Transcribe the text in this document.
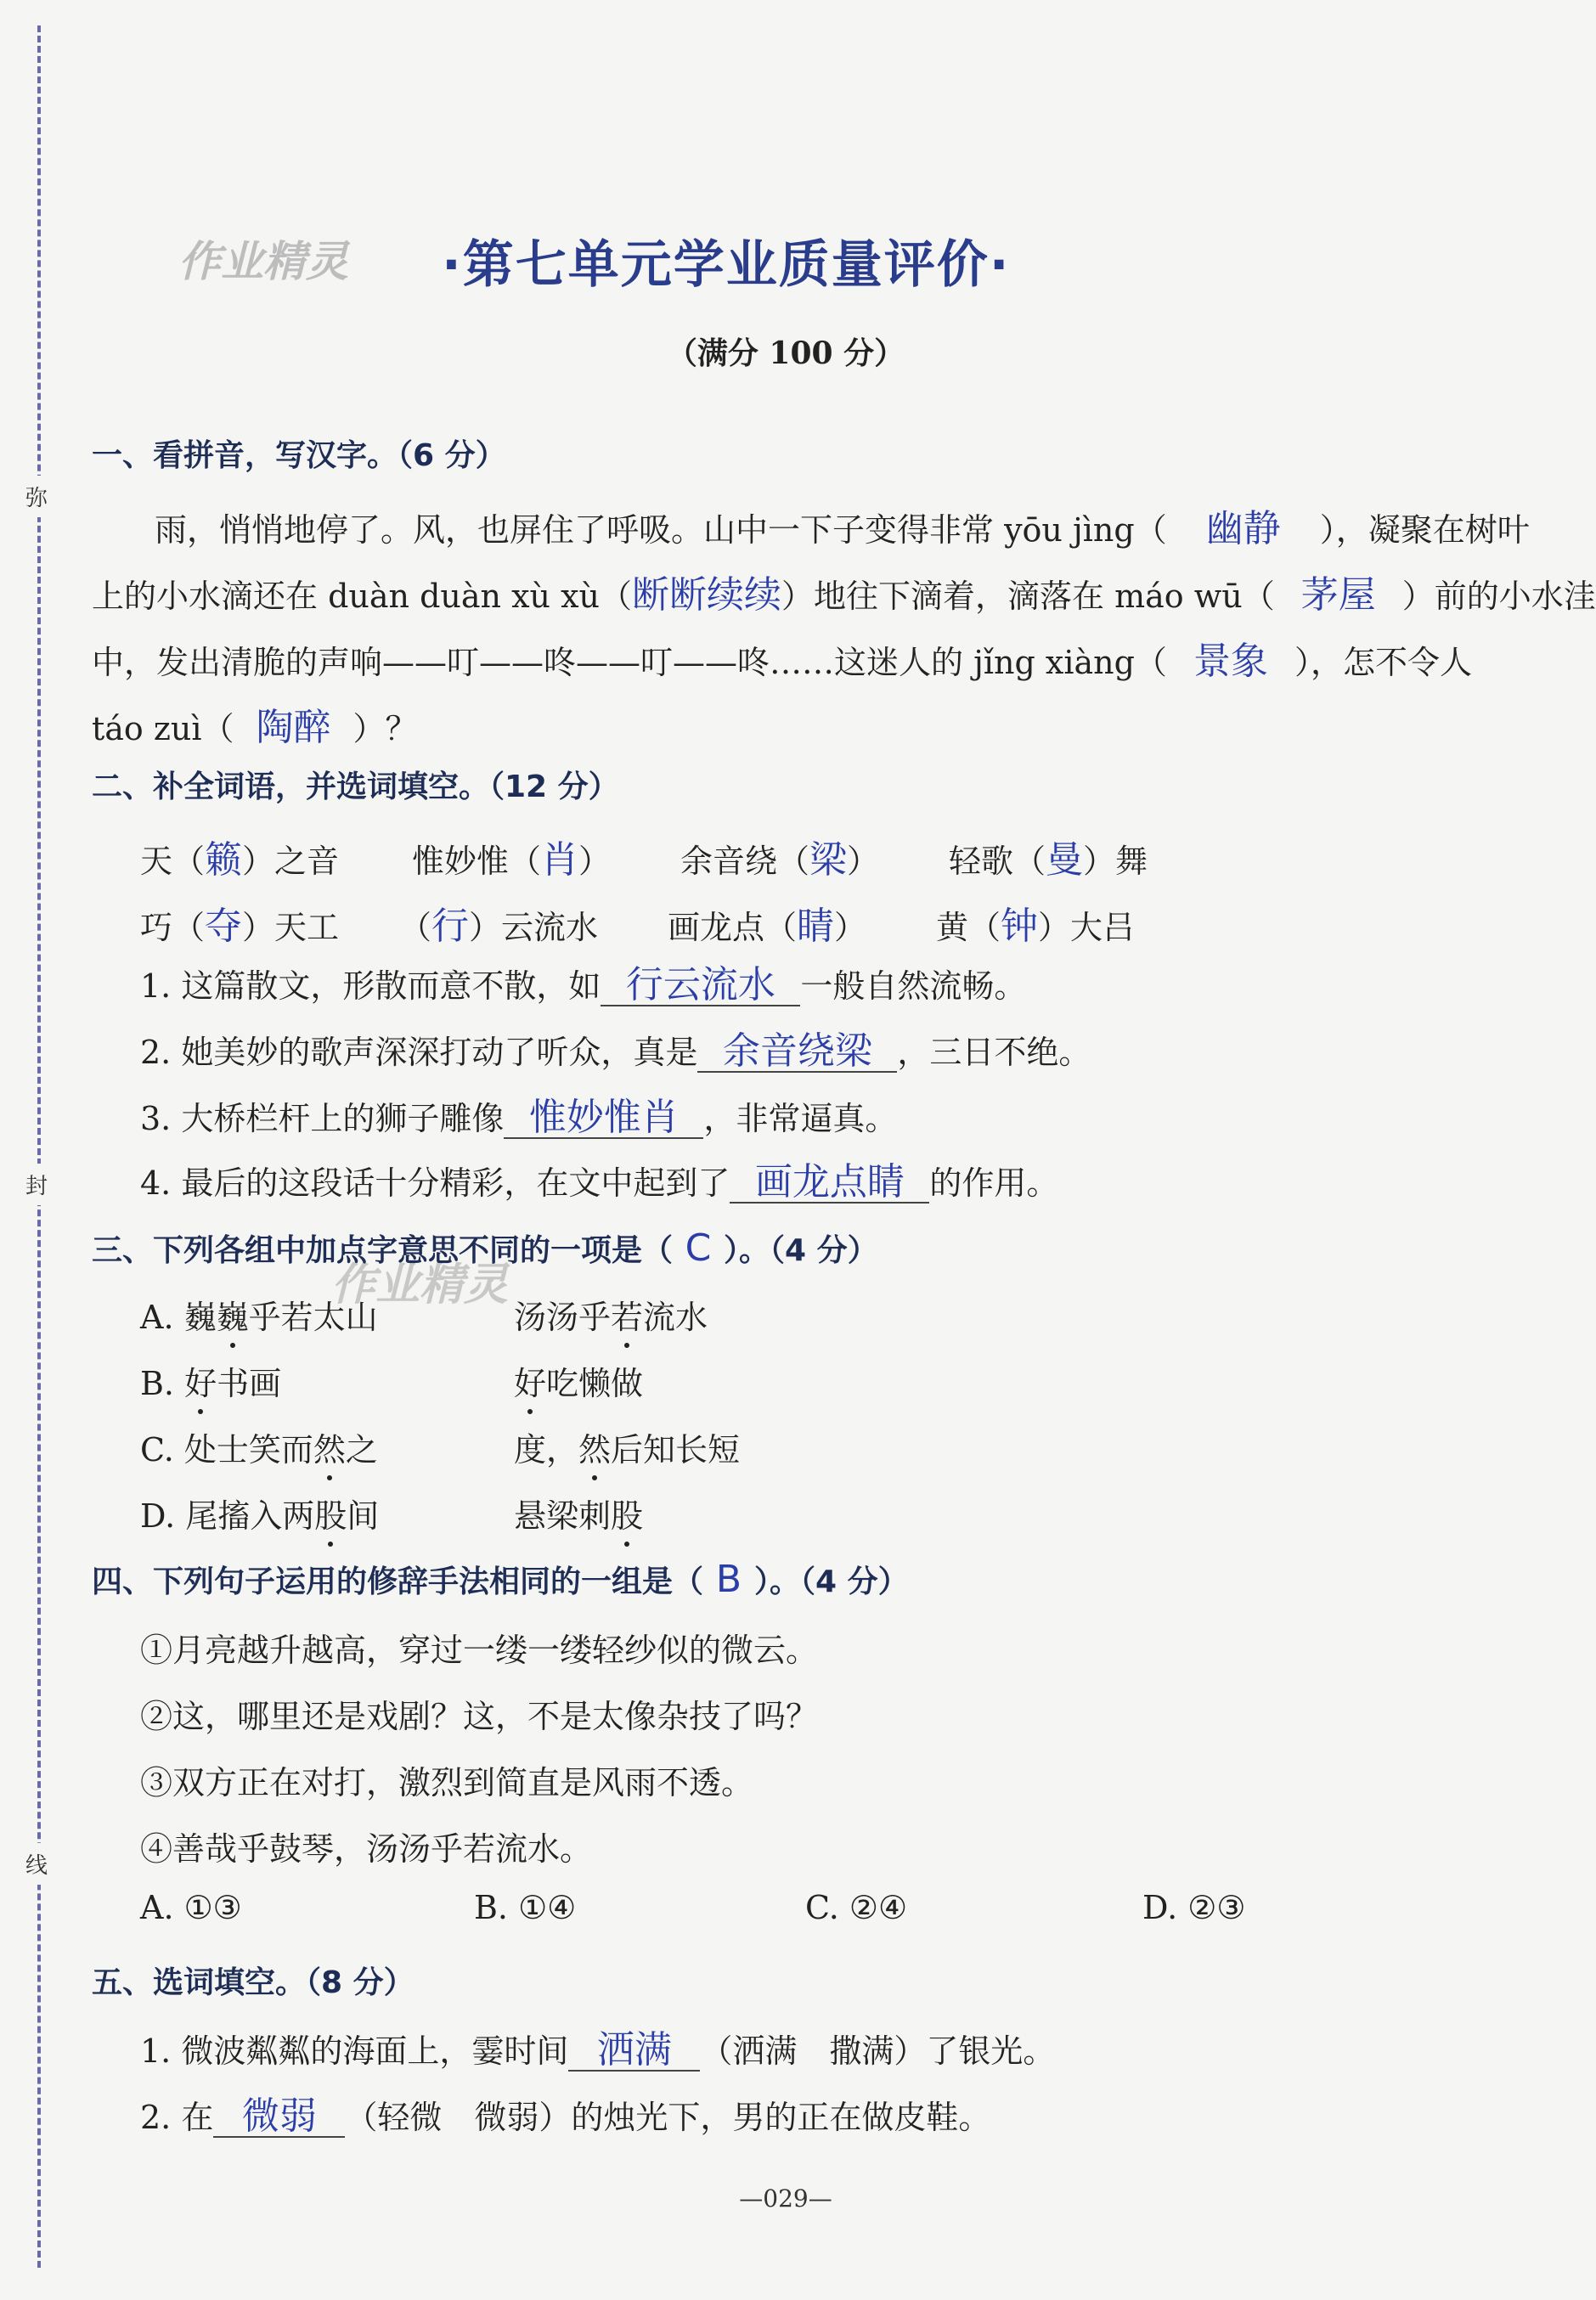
弥
封
线
作业精灵
作业精灵
·第七单元学业质量评价·
（满分 100 分）
一、看拼音，写汉字。（6 分）
雨，悄悄地停了。风，也屏住了呼吸。山中一下子变得非常 yōu jìng（ 幽静 ），凝聚在树叶
上的小水滴还在 duàn duàn xù xù（断断续续）地往下滴着，滴落在 máo wū（ 茅屋 ）前的小水洼
中，发出清脆的声响——叮——咚——叮——咚……这迷人的 jǐng xiàng（ 景象 ），怎不令人
táo zuì（ 陶醉 ）？
二、补全词语，并选词填空。（12 分）
天（籁）之音 惟妙惟（肖） 余音绕（梁） 轻歌（曼）舞
巧（夺）天工 （行）云流水 画龙点（睛） 黄（钟）大吕
1. 这篇散文，形散而意不散，如 行云流水 一般自然流畅。
2. 她美妙的歌声深深打动了听众，真是 余音绕梁 ，三日不绝。
3. 大桥栏杆上的狮子雕像 惟妙惟肖 ，非常逼真。
4. 最后的这段话十分精彩，在文中起到了 画龙点睛 的作用。
三、下列各组中加点字意思不同的一项是（ C ）。（4 分）
A. 巍巍乎若太山	汤汤乎若流水
B. 好书画	好吃懒做
C. 处士笑而然之	度，然后知长短
D. 尾搐入两股间	悬梁刺股
四、下列句子运用的修辞手法相同的一组是（ B ）。（4 分）
①月亮越升越高，穿过一缕一缕轻纱似的微云。
②这，哪里还是戏剧？这，不是太像杂技了吗？
③双方正在对打，激烈到简直是风雨不透。
④善哉乎鼓琴，汤汤乎若流水。
A. ①③	B. ①④	C. ②④	D. ②③
五、选词填空。（8 分）
1. 微波粼粼的海面上，霎时间 洒满 （洒满　撒满）了银光。
2. 在 微弱 （轻微　微弱）的烛光下，男的正在做皮鞋。
—029—
